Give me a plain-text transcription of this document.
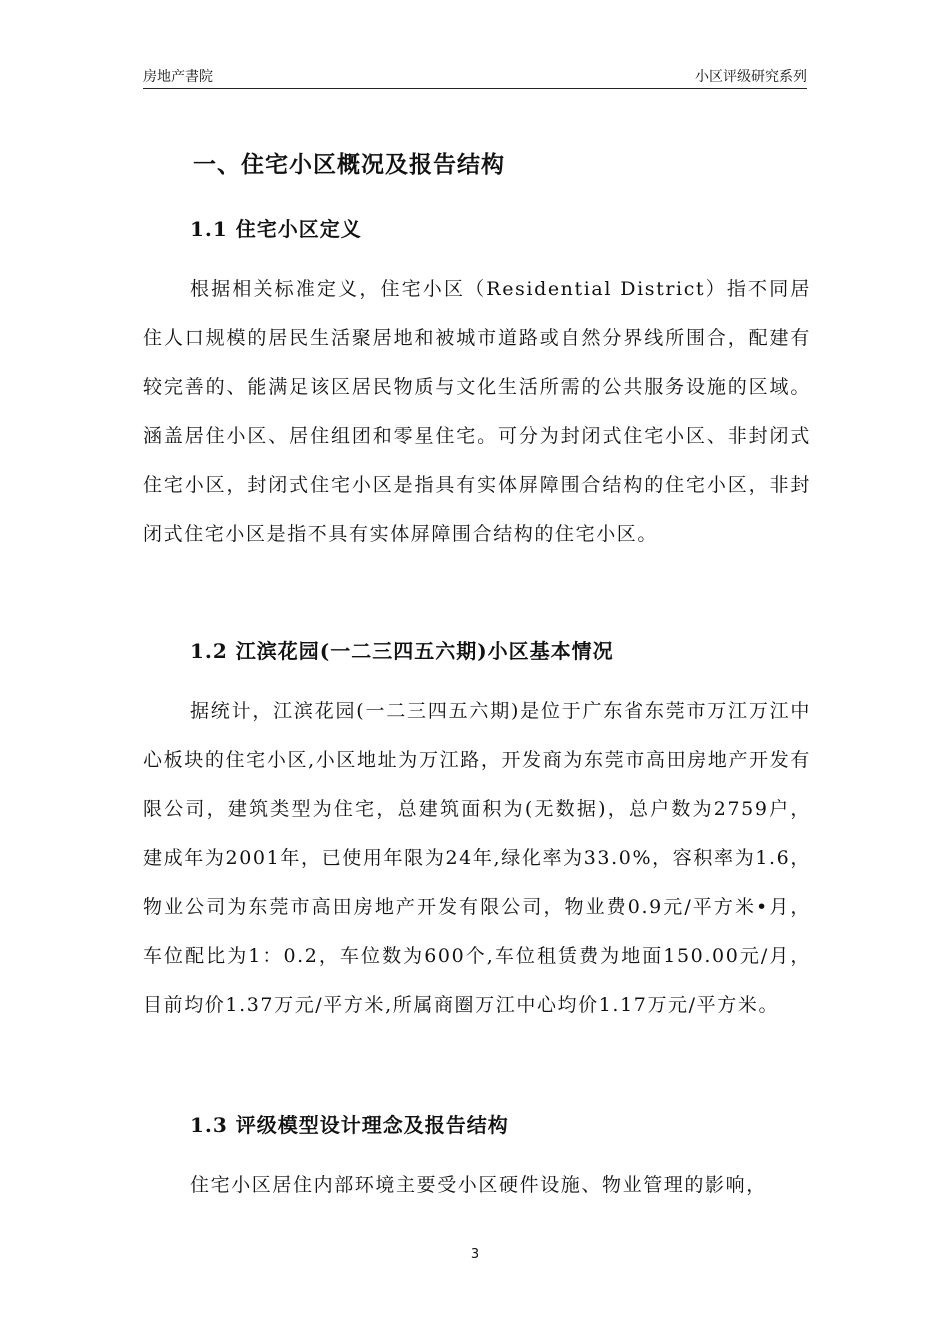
房地产書院	小区评级研究系列
一、住宅小区概况及报告结构
1.1 住宅小区定义

根据相关标准定义，住宅小区（Residential District）指不同居住人口规模的居民生活聚居地和被城市道路或自然分界线所围合，配建有较完善的、能满足该区居民物质与文化生活所需的公共服务设施的区域。涵盖居住小区、居住组团和零星住宅。可分为封闭式住宅小区、非封闭式住宅小区，封闭式住宅小区是指具有实体屏障围合结构的住宅小区，非封闭式住宅小区是指不具有实体屏障围合结构的住宅小区。

1.2 江滨花园(一二三四五六期)小区基本情况

据统计，江滨花园(一二三四五六期)是位于广东省东莞市万江万江中心板块的住宅小区,小区地址为万江路，开发商为东莞市高田房地产开发有限公司，建筑类型为住宅，总建筑面积为(无数据)，总户数为2759户，建成年为2001年，已使用年限为24年,绿化率为33.0%，容积率为1.6，物业公司为东莞市高田房地产开发有限公司，物业费0.9元/平方米•月，车位配比为1：0.2，车位数为600个,车位租赁费为地面150.00元/月，目前均价1.37万元/平方米,所属商圈万江中心均价1.17万元/平方米。

1.3 评级模型设计理念及报告结构

住宅小区居住内部环境主要受小区硬件设施、物业管理的影响，

3
